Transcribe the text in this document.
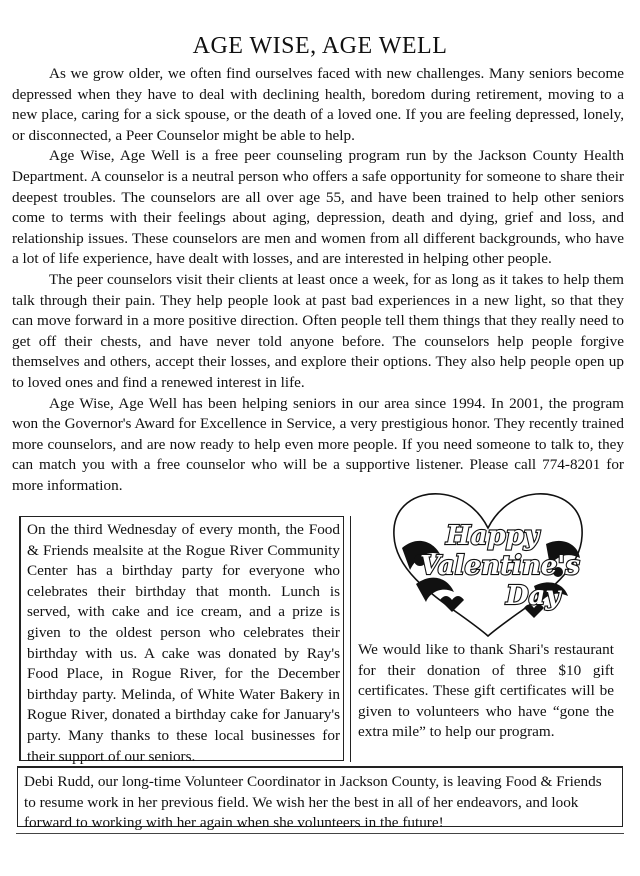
AGE WISE, AGE WELL

As we grow older, we often find ourselves faced with new challenges. Many seniors become depressed when they have to deal with declining health, boredom during retirement, moving to a new place, caring for a sick spouse, or the death of a loved one. If you are feeling depressed, lonely, or disconnected, a Peer Counselor might be able to help.

Age Wise, Age Well is a free peer counseling program run by the Jackson County Health Department. A counselor is a neutral person who offers a safe opportunity for someone to share their deepest troubles. The counselors are all over age 55, and have been trained to help other seniors come to terms with their feelings about aging, depression, death and dying, grief and loss, and relationship issues. These counselors are men and women from all different backgrounds, who have a lot of life experience, have dealt with losses, and are interested in helping other people.

The peer counselors visit their clients at least once a week, for as long as it takes to help them talk through their pain. They help people look at past bad experiences in a new light, so that they can move forward in a more positive direction. Often people tell them things that they really need to get off their chests, and have never told anyone before. The counselors help people forgive themselves and others, accept their losses, and explore their options. They also help people open up to loved ones and find a renewed interest in life.

Age Wise, Age Well has been helping seniors in our area since 1994. In 2001, the program won the Governor's Award for Excellence in Service, a very prestigious honor. They recently trained more counselors, and are now ready to help even more people. If you need someone to talk to, they can match you with a free counselor who will be a supportive listener. Please call 774-8201 for more information.

On the third Wednesday of every month, the Food & Friends mealsite at the Rogue River Community Center has a birthday party for everyone who celebrates their birthday that month. Lunch is served, with cake and ice cream, and a prize is given to the oldest person who celebrates their birthday with us. A cake was donated by Ray's Food Place, in Rogue River, for the December birthday party. Melinda, of White Water Bakery in Rogue River, donated a birthday cake for January's party. Many thanks to these local businesses for their support of our seniors.

Happy
Valentine's
Day

We would like to thank Shari's restaurant for their donation of three $10 gift certificates. These gift certificates will be given to volunteers who have “gone the extra mile” to help our program.

Debi Rudd, our long-time Volunteer Coordinator in Jackson County, is leaving Food & Friends to resume work in her previous field. We wish her the best in all of her endeavors, and look forward to working with her again when she volunteers in the future!
